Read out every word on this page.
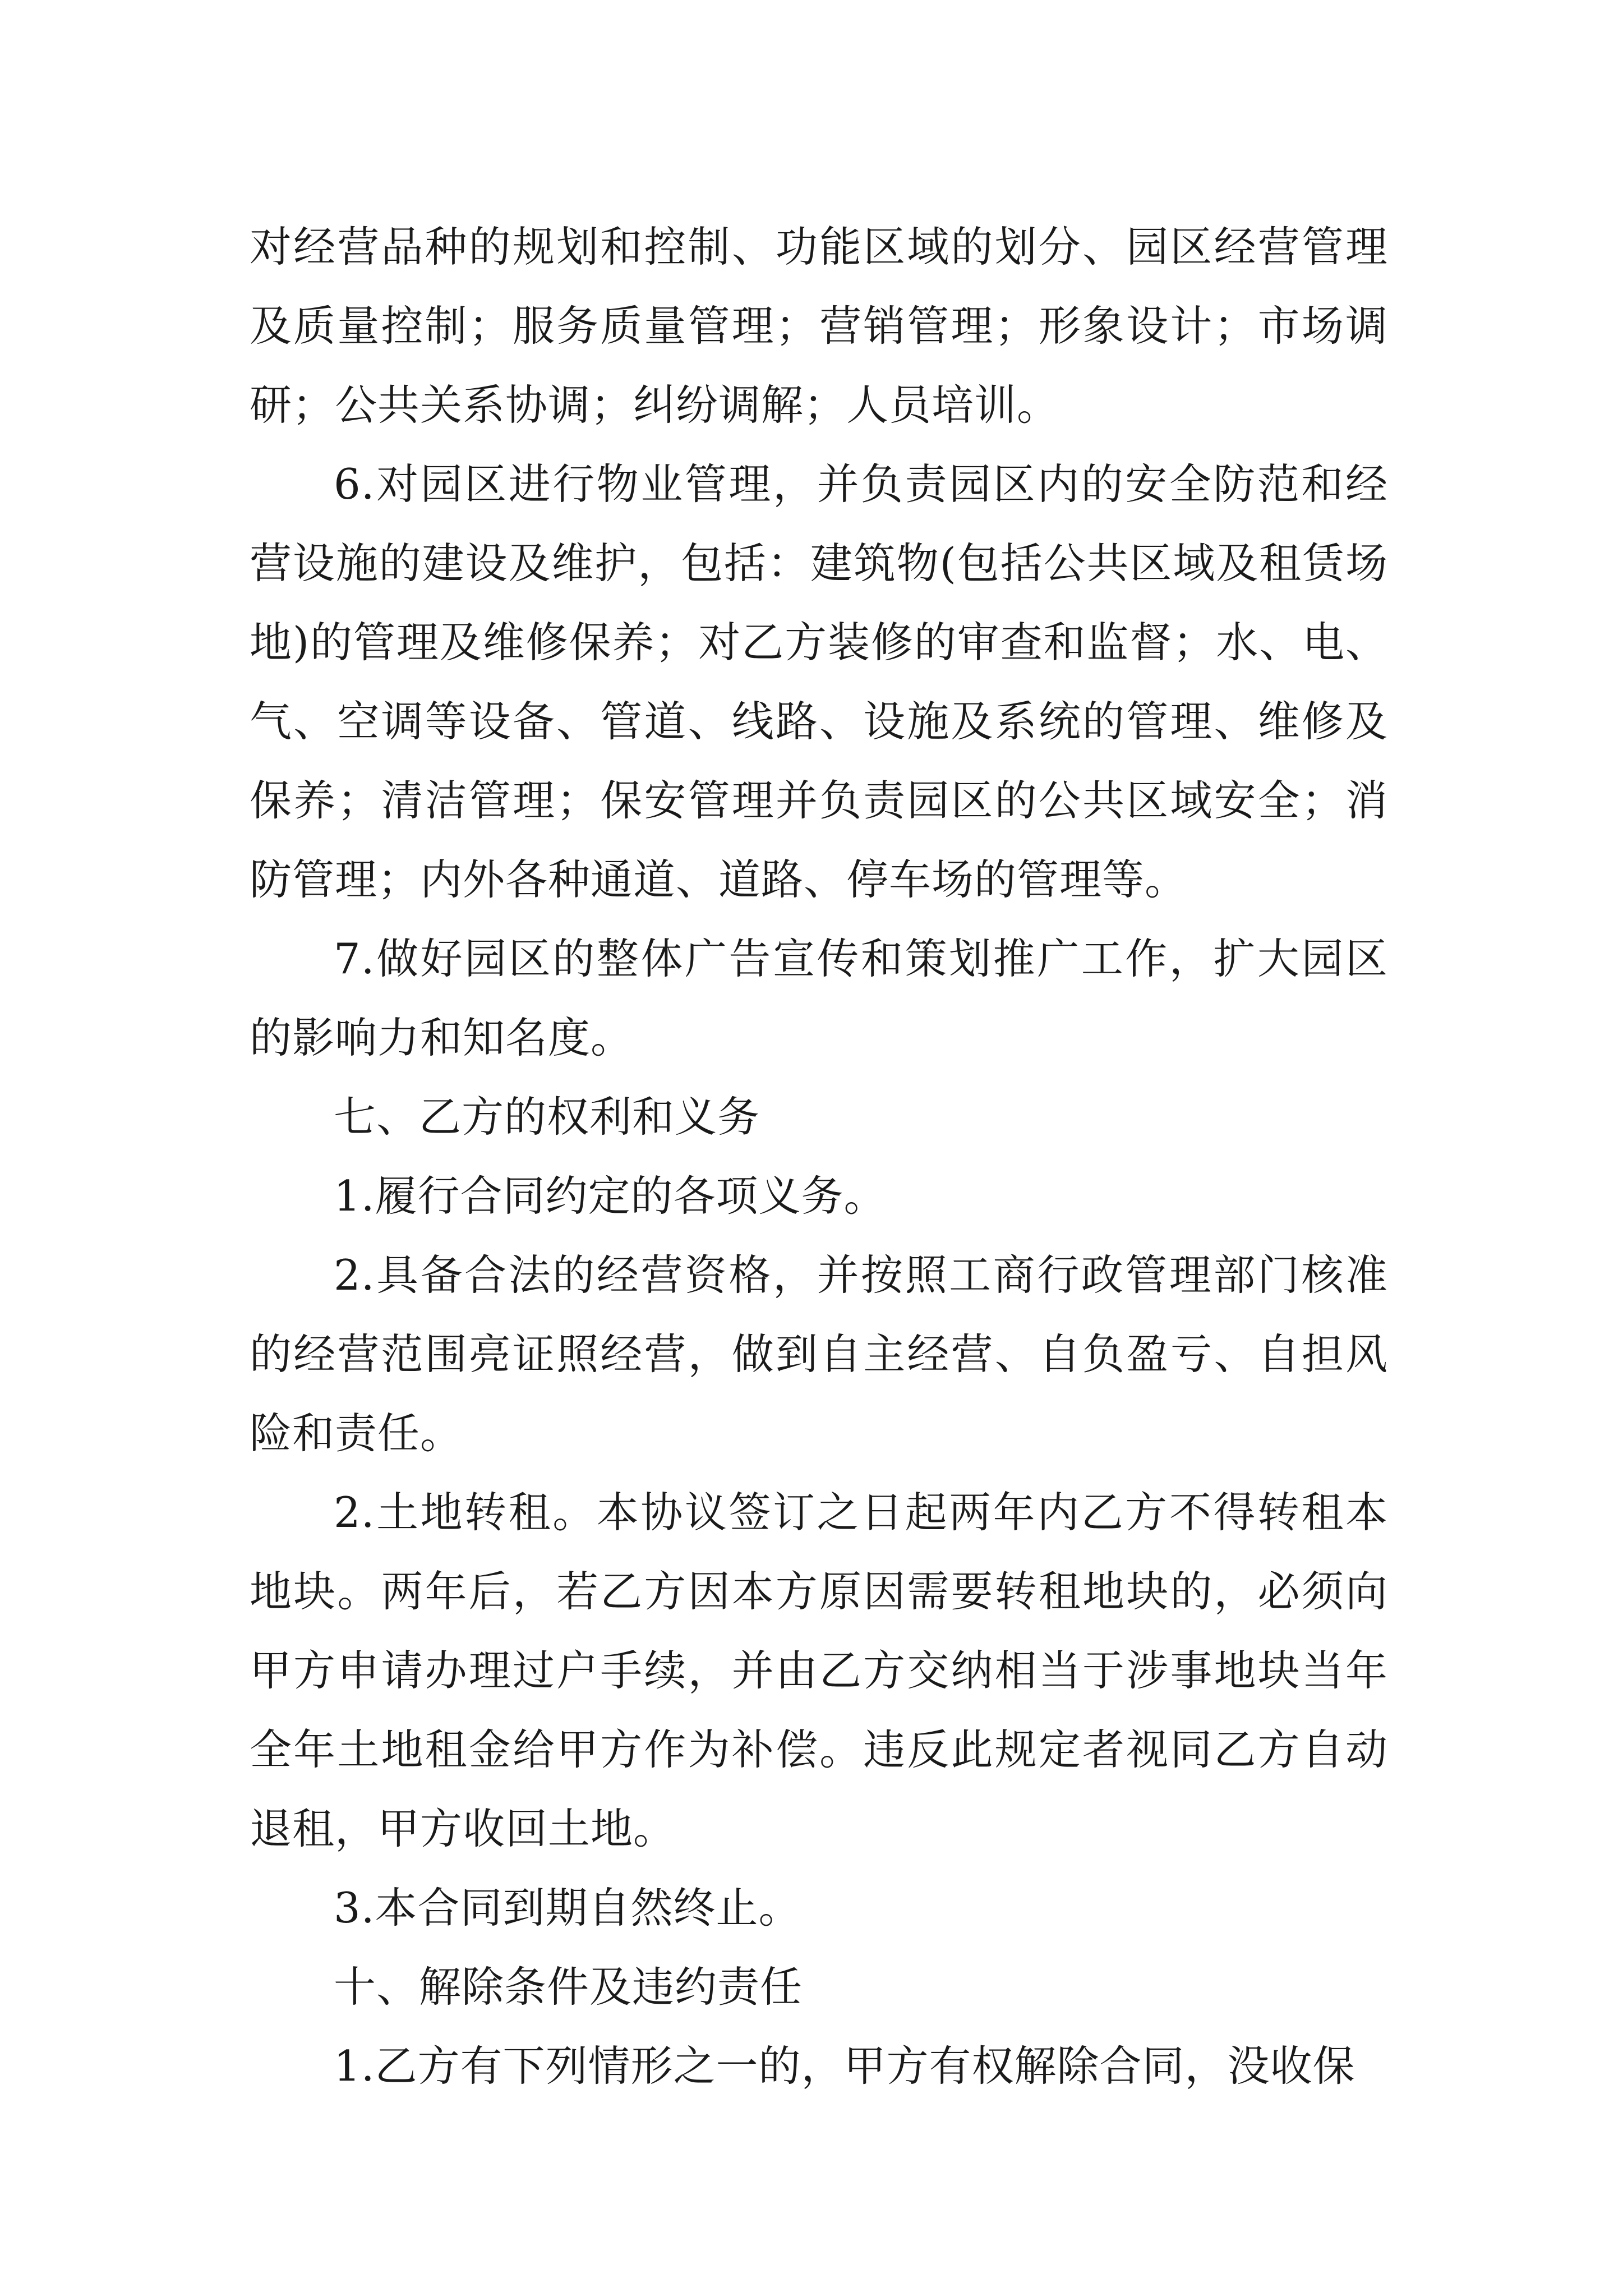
对经营品种的规划和控制、功能区域的划分、园区经营管理及质量控制；服务质量管理；营销管理；形象设计；市场调研；公共关系协调；纠纷调解；人员培训。

6.对园区进行物业管理，并负责园区内的安全防范和经营设施的建设及维护，包括：建筑物(包括公共区域及租赁场地)的管理及维修保养；对乙方装修的审查和监督；水、电、气、空调等设备、管道、线路、设施及系统的管理、维修及保养；清洁管理；保安管理并负责园区的公共区域安全；消防管理；内外各种通道、道路、停车场的管理等。

7.做好园区的整体广告宣传和策划推广工作，扩大园区的影响力和知名度。

七、乙方的权利和义务

1.履行合同约定的各项义务。

2.具备合法的经营资格，并按照工商行政管理部门核准的经营范围亮证照经营，做到自主经营、自负盈亏、自担风险和责任。

2.土地转租。本协议签订之日起两年内乙方不得转租本地块。两年后，若乙方因本方原因需要转租地块的，必须向甲方申请办理过户手续，并由乙方交纳相当于涉事地块当年全年土地租金给甲方作为补偿。违反此规定者视同乙方自动退租，甲方收回土地。

3.本合同到期自然终止。

十、解除条件及违约责任

1.乙方有下列情形之一的，甲方有权解除合同，没收保
